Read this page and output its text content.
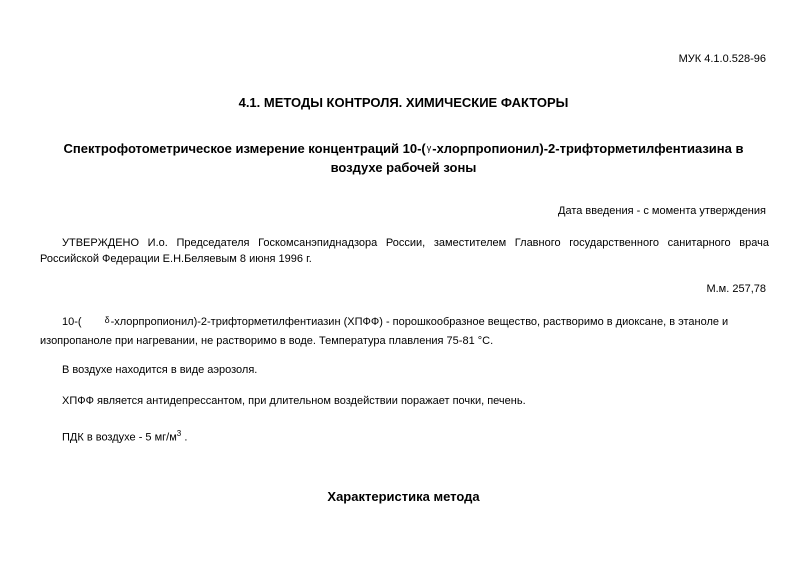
МУК 4.1.0.528-96
4.1. МЕТОДЫ КОНТРОЛЯ. ХИМИЧЕСКИЕ ФАКТОРЫ
Спектрофотометрическое измерение концентраций 10-(γ-хлорпропионил)-2-трифторметилфентиазина в воздухе рабочей зоны
Дата введения - с момента утверждения
УТВЕРЖДЕНО И.о. Председателя Госкомсанэпиднадзора России, заместителем Главного государственного санитарного врача Российской Федерации Е.Н.Беляевым 8 июня 1996 г.
М.м. 257,78
10-(	δ-хлорпропионил)-2-трифторметилфентиазин (ХПФФ) - порошкообразное вещество, растворимо в диоксане, в этаноле и изопропаноле при нагревании, не растворимо в воде. Температура плавления 75-81 °С.
В воздухе находится в виде аэрозоля.
ХПФФ является антидепрессантом, при длительном воздействии поражает почки, печень.
ПДК в воздухе - 5 $мг/м^3$ .
Характеристика метода
